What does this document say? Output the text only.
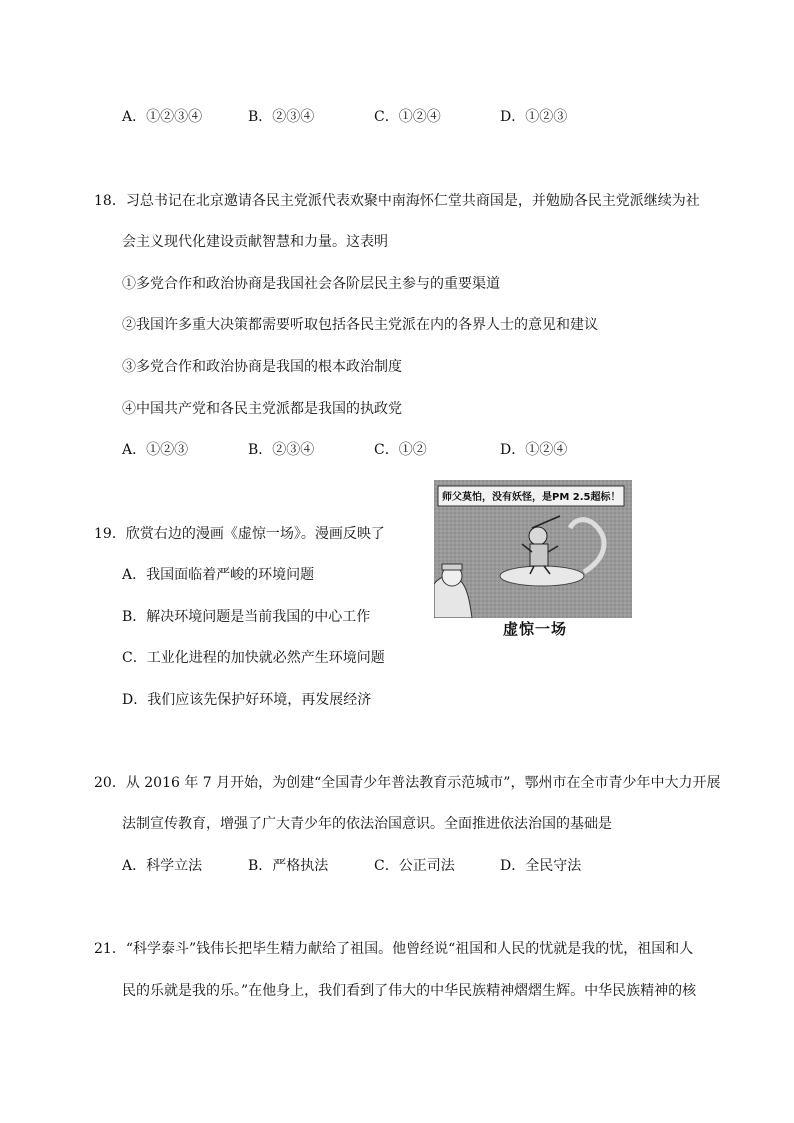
A．①②③④	B．②③④	C．①②④	D．①②③
18．习总书记在北京邀请各民主党派代表欢聚中南海怀仁堂共商国是，并勉励各民主党派继续为社
会主义现代化建设贡献智慧和力量。这表明
①多党合作和政治协商是我国社会各阶层民主参与的重要渠道
②我国许多重大决策都需要听取包括各民主党派在内的各界人士的意见和建议
③多党合作和政治协商是我国的根本政治制度
④中国共产党和各民主党派都是我国的执政党
A．①②③	B．②③④	C．①②	D．①②④
19．欣赏右边的漫画《虚惊一场》。漫画反映了
A．我国面临着严峻的环境问题
B．解决环境问题是当前我国的中心工作
C．工业化进程的加快就必然产生环境问题
D．我们应该先保护好环境，再发展经济
师父莫怕，没有妖怪，是PM 2.5超标！
虚惊一场
20．从 2016 年 7 月开始，为创建“全国青少年普法教育示范城市”，鄂州市在全市青少年中大力开展
法制宣传教育，增强了广大青少年的依法治国意识。全面推进依法治国的基础是
A．科学立法	B．严格执法	C．公正司法	D．全民守法
21．“科学泰斗”钱伟长把毕生精力献给了祖国。他曾经说“祖国和人民的忧就是我的忧，祖国和人
民的乐就是我的乐。”在他身上，我们看到了伟大的中华民族精神熠熠生辉。中华民族精神的核
